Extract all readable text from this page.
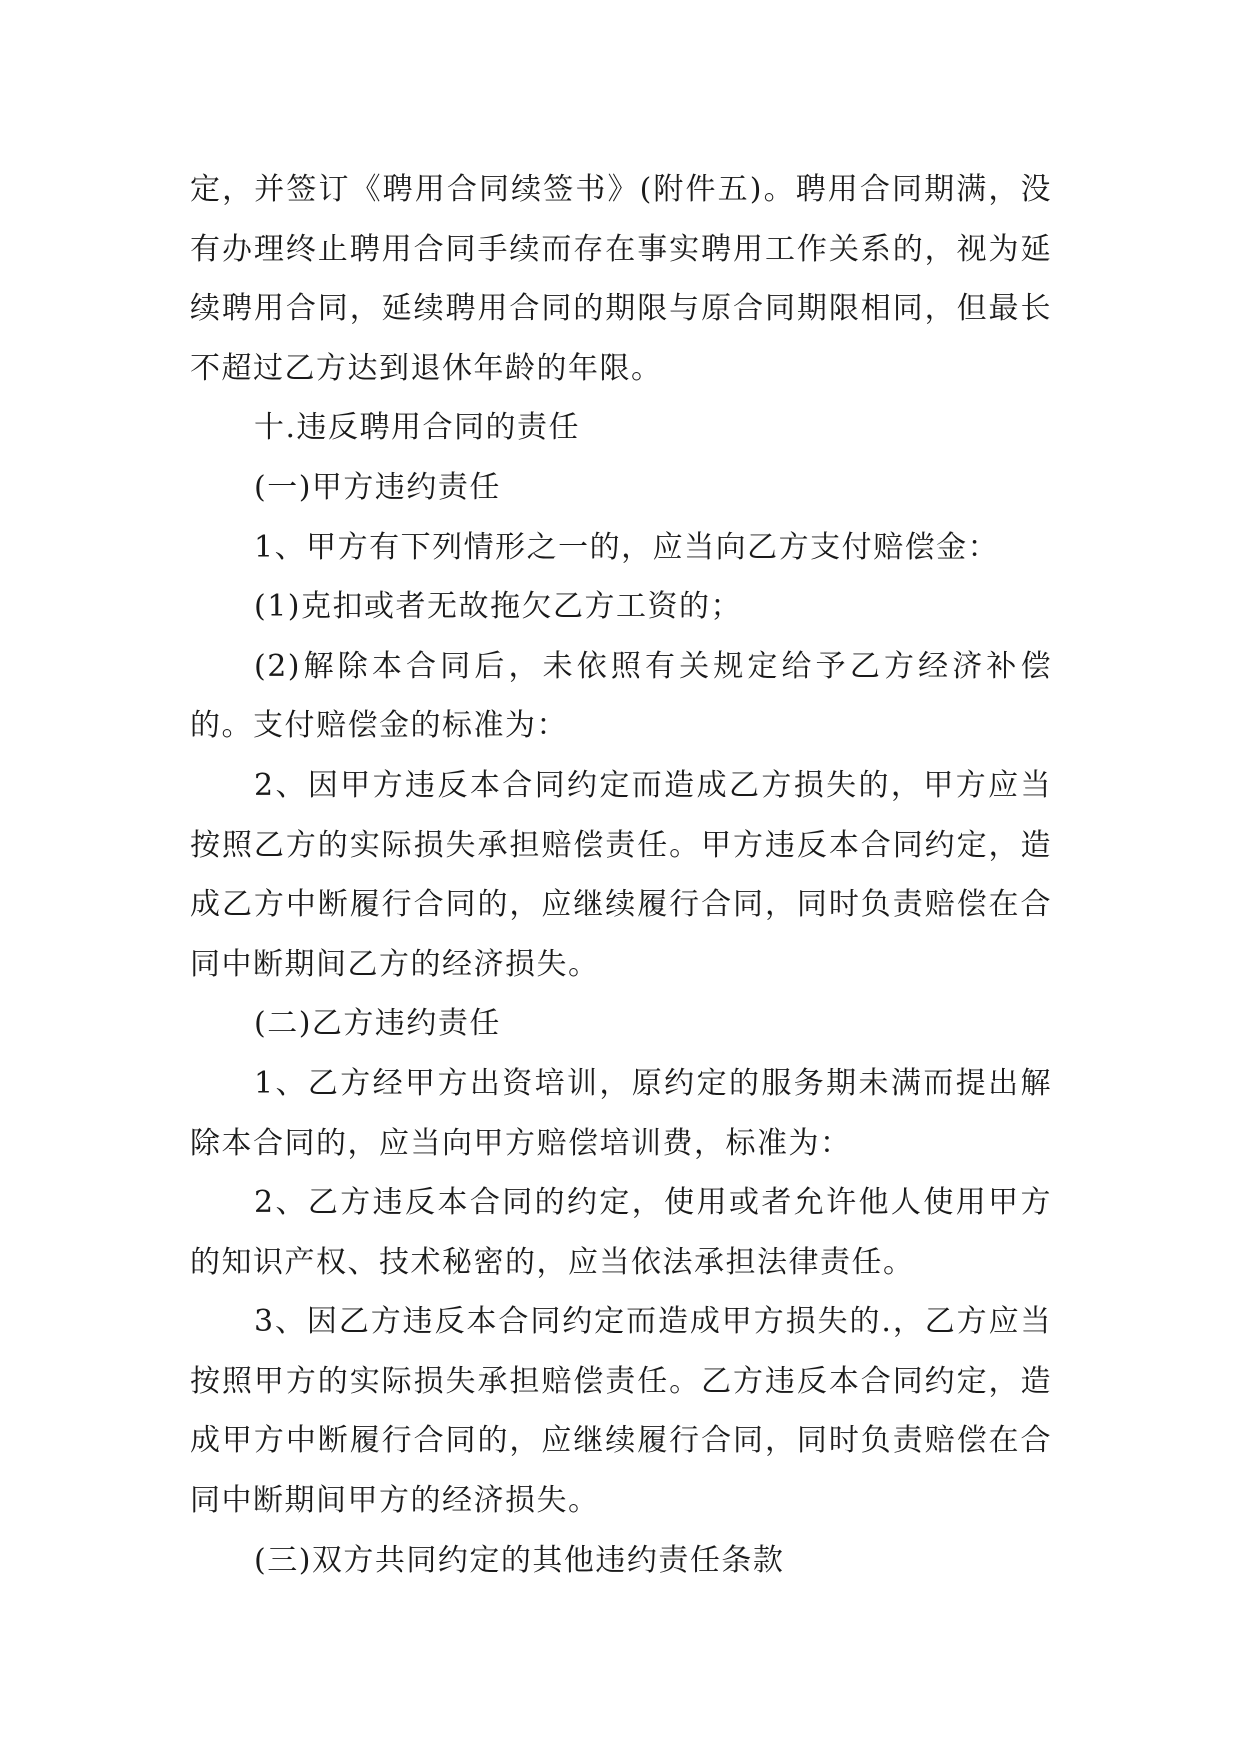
定，并签订《聘用合同续签书》(附件五)。聘用合同期满，没有办理终止聘用合同手续而存在事实聘用工作关系的，视为延续聘用合同，延续聘用合同的期限与原合同期限相同，但最长不超过乙方达到退休年龄的年限。

十.违反聘用合同的责任

(一)甲方违约责任

1、甲方有下列情形之一的，应当向乙方支付赔偿金：

(1)克扣或者无故拖欠乙方工资的；

(2)解除本合同后，未依照有关规定给予乙方经济补偿的。支付赔偿金的标准为：

2、因甲方违反本合同约定而造成乙方损失的，甲方应当按照乙方的实际损失承担赔偿责任。甲方违反本合同约定，造成乙方中断履行合同的，应继续履行合同，同时负责赔偿在合同中断期间乙方的经济损失。

(二)乙方违约责任

1、乙方经甲方出资培训，原约定的服务期未满而提出解除本合同的，应当向甲方赔偿培训费，标准为：

2、乙方违反本合同的约定，使用或者允许他人使用甲方的知识产权、技术秘密的，应当依法承担法律责任。

3、因乙方违反本合同约定而造成甲方损失的.，乙方应当按照甲方的实际损失承担赔偿责任。乙方违反本合同约定，造成甲方中断履行合同的，应继续履行合同，同时负责赔偿在合同中断期间甲方的经济损失。

(三)双方共同约定的其他违约责任条款
